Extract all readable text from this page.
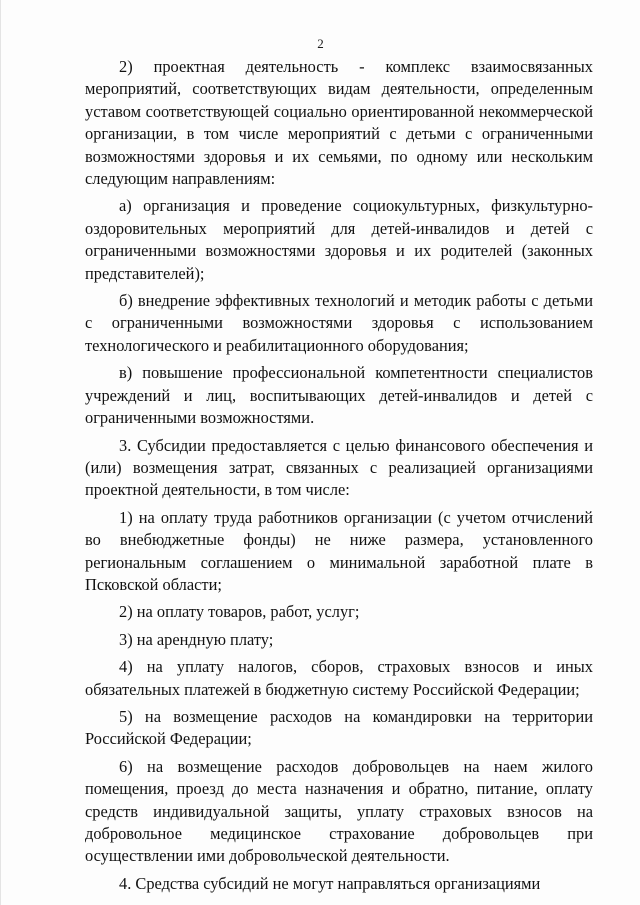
2

2) проектная деятельность - комплекс взаимосвязанных мероприятий, соответствующих видам деятельности, определенным уставом соответствующей социально ориентированной некоммерческой организации, в том числе мероприятий с детьми с ограниченными возможностями здоровья и их семьями, по одному или нескольким следующим направлениям:

а) организация и проведение социокультурных, физкультурно-оздоровительных мероприятий для детей-инвалидов и детей с ограниченными возможностями здоровья и их родителей (законных представителей);

б) внедрение эффективных технологий и методик работы с детьми с ограниченными возможностями здоровья с использованием технологического и реабилитационного оборудования;

в) повышение профессиональной компетентности специалистов учреждений и лиц, воспитывающих детей-инвалидов и детей с ограниченными возможностями.

3. Субсидии предоставляется с целью финансового обеспечения и (или) возмещения затрат, связанных с реализацией организациями проектной деятельности, в том числе:

1) на оплату труда работников организации (с учетом отчислений во внебюджетные фонды) не ниже размера, установленного региональным соглашением о минимальной заработной плате в Псковской области;

2) на оплату товаров, работ, услуг;

3) на арендную плату;

4) на уплату налогов, сборов, страховых взносов и иных обязательных платежей в бюджетную систему Российской Федерации;

5) на возмещение расходов на командировки на территории Российской Федерации;

6) на возмещение расходов добровольцев на наем жилого помещения, проезд до места назначения и обратно, питание, оплату средств индивидуальной защиты, уплату страховых взносов на добровольное медицинское страхование добровольцев при осуществлении ими добровольческой деятельности.

4. Средства субсидий не могут направляться организациями
